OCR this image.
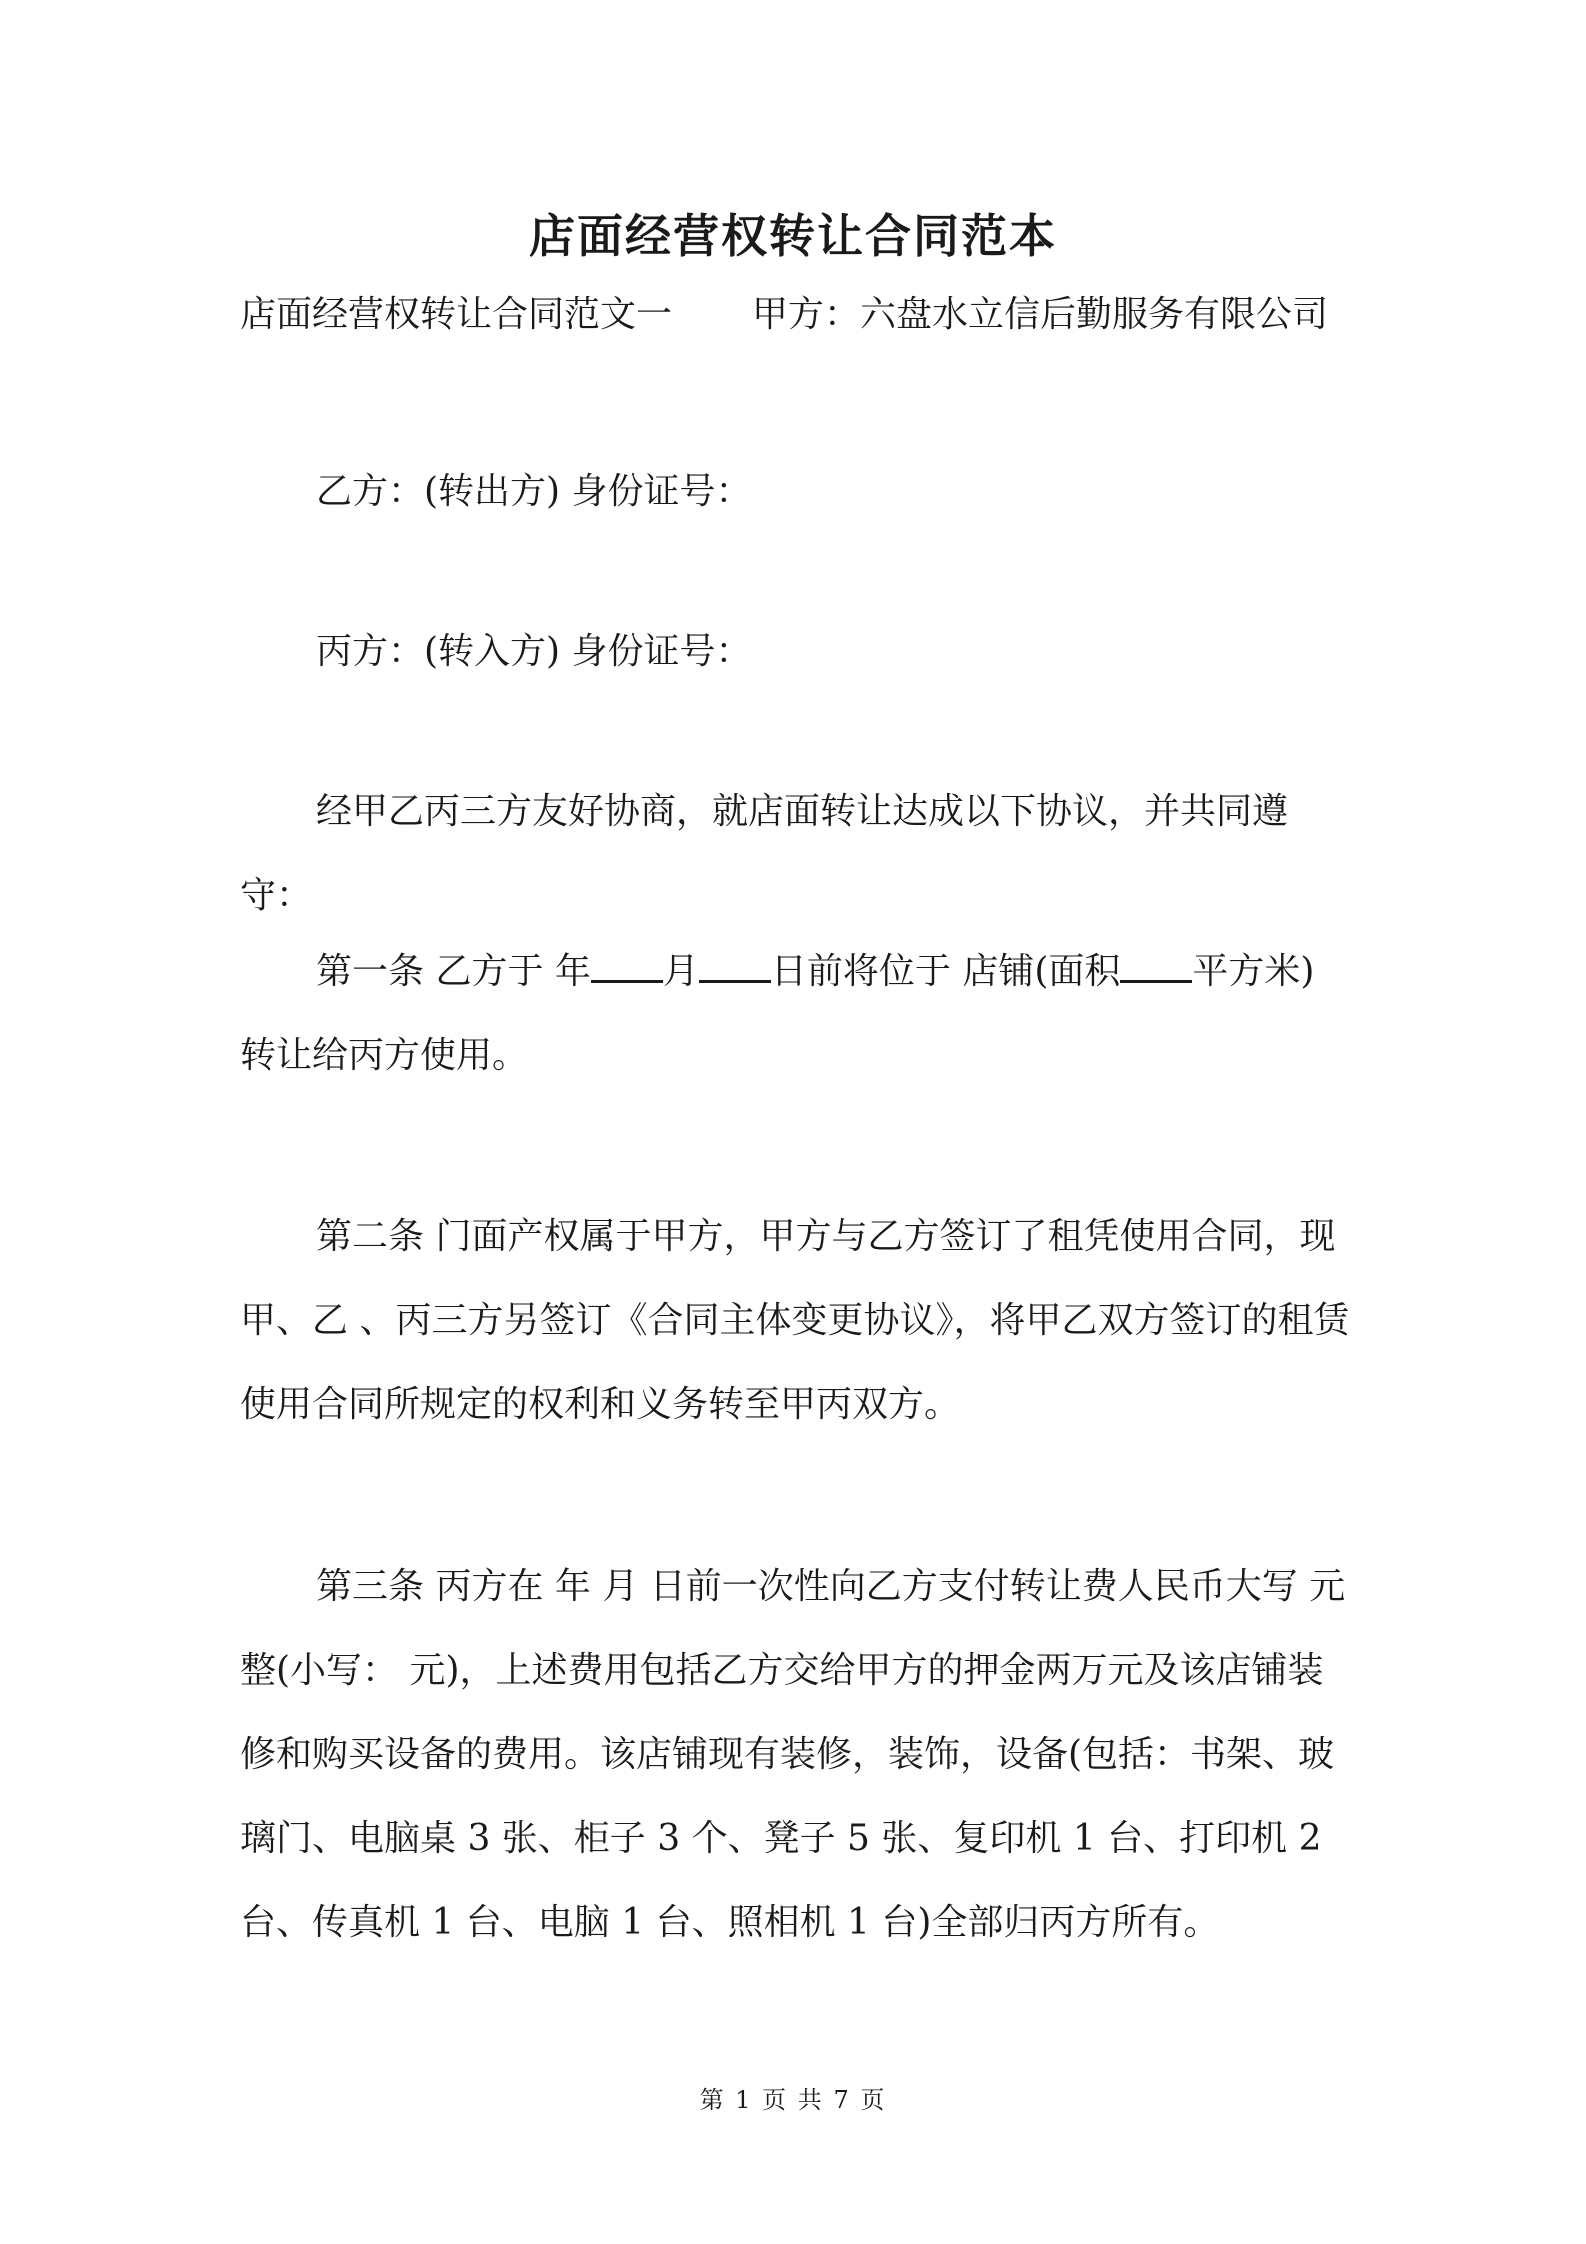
店面经营权转让合同范本
店面经营权转让合同范文一 甲方：六盘水立信后勤服务有限公司
乙方：(转出方) 身份证号：
丙方：(转入方) 身份证号：
经甲乙丙三方友好协商，就店面转让达成以下协议，并共同遵守：
第一条 乙方于 年 月 日前将位于 店铺(面积 平方米)转让给丙方使用。
第二条 门面产权属于甲方，甲方与乙方签订了租凭使用合同，现甲、乙 、丙三方另签订《合同主体变更协议》，将甲乙双方签订的租赁使用合同所规定的权利和义务转至甲丙双方。
第三条 丙方在 年 月 日前一次性向乙方支付转让费人民币大写 元整(小写： 元)，上述费用包括乙方交给甲方的押金两万元及该店铺装修和购买设备的费用。该店铺现有装修，装饰，设备(包括：书架、玻璃门、电脑桌 3 张、柜子 3 个、凳子 5 张、复印机 1 台、打印机 2 台、传真机 1 台、电脑 1 台、照相机 1 台)全部归丙方所有。
第 1 页 共 7 页
